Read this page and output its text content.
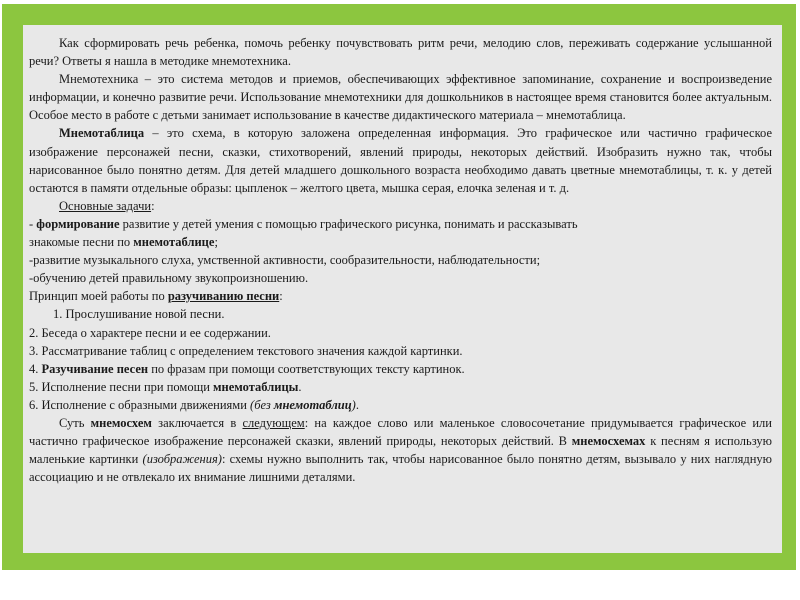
Как сформировать речь ребенка, помочь ребенку почувствовать ритм речи, мелодию слов, переживать содержание услышанной речи? Ответы я нашла в методике мнемотехника.

Мнемотехника – это система методов и приемов, обеспечивающих эффективное запоминание, сохранение и воспроизведение информации, и конечно развитие речи. Использование мнемотехники для дошкольников в настоящее время становится более актуальным. Особое место в работе с детьми занимает использование в качестве дидактического материала – мнемотаблица.

Мнемотаблица – это схема, в которую заложена определенная информация. Это графическое или частично графическое изображение персонажей песни, сказки, стихотворений, явлений природы, некоторых действий. Изобразить нужно так, чтобы нарисованное было понятно детям. Для детей младшего дошкольного возраста необходимо давать цветные мнемотаблицы, т. к. у детей остаются в памяти отдельные образы: цыпленок – желтого цвета, мышка серая, елочка зеленая и т. д.

Основные задачи:

- формирование развитие у детей умения с помощью графического рисунка, понимать и рассказывать

знакомые песни по мнемотаблице;

-развитие музыкального слуха, умственной активности, сообразительности, наблюдательности;

-обучению детей правильному звукопроизношению.

Принцип моей работы по разучиванию песни:

1. Прослушивание новой песни.

2. Беседа о характере песни и ее содержании.

3. Рассматривание таблиц с определением текстового значения каждой картинки.

4. Разучивание песен по фразам при помощи соответствующих тексту картинок.

5. Исполнение песни при помощи мнемотаблицы.

6. Исполнение с образными движениями (без мнемотаблиц).

Суть мнемосхем заключается в следующем: на каждое слово или маленькое словосочетание придумывается графическое или частично графическое изображение персонажей сказки, явлений природы, некоторых действий. В мнемосхемах к песням я использую маленькие картинки (изображения): схемы нужно выполнить так, чтобы нарисованное было понятно детям, вызывало у них наглядную ассоциацию и не отвлекало их внимание лишними деталями.
